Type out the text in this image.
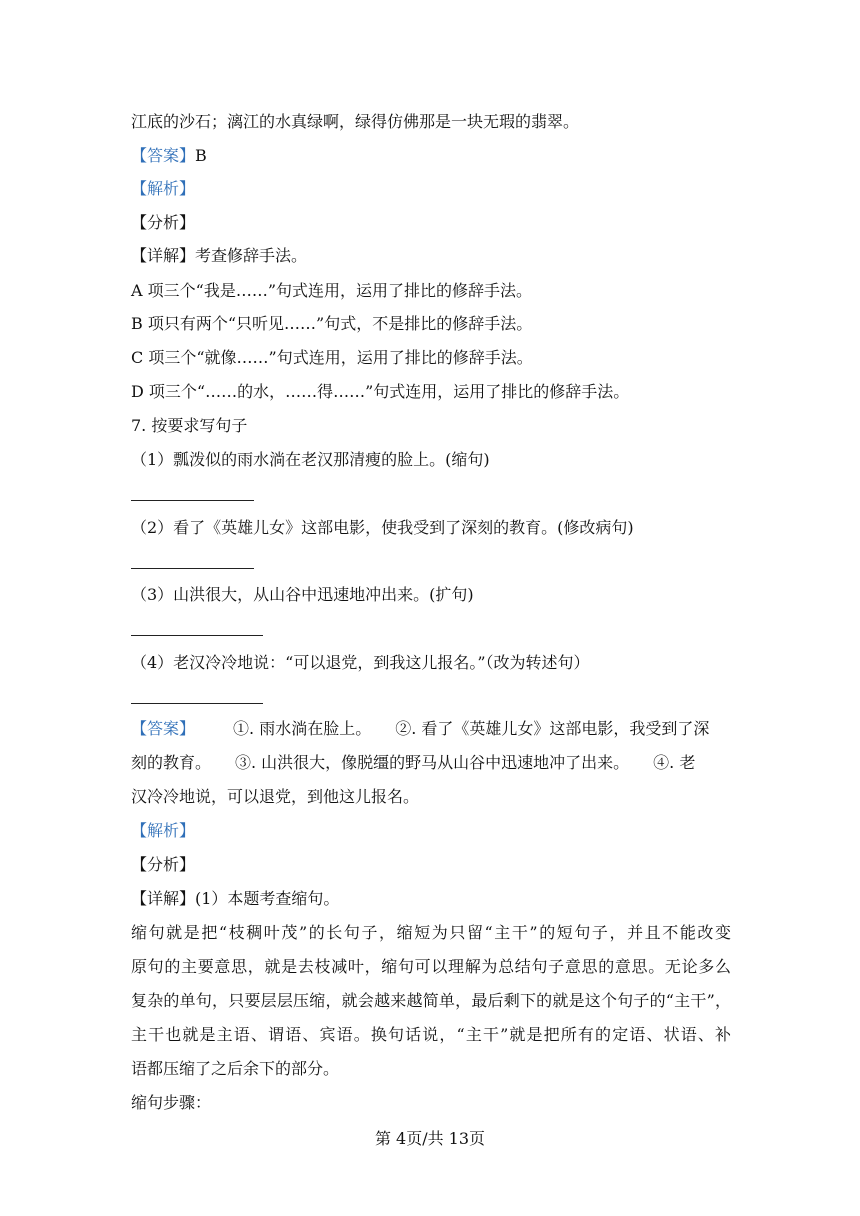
江底的沙石；漓江的水真绿啊，绿得仿佛那是一块无瑕的翡翠。
【答案】B
【解析】
【分析】
【详解】考查修辞手法。
A 项三个“我是……”句式连用，运用了排比的修辞手法。
B 项只有两个“只听见……”句式，不是排比的修辞手法。
C 项三个“就像……”句式连用，运用了排比的修辞手法。
D 项三个“……的水，……得……”句式连用，运用了排比的修辞手法。
7. 按要求写句子
（1）瓢泼似的雨水淌在老汉那清瘦的脸上。(缩句)
（2）看了《英雄儿女》这部电影，使我受到了深刻的教育。(修改病句)
（3）山洪很大，从山谷中迅速地冲出来。(扩句)
（4）老汉冷冷地说：“可以退党，到我这儿报名。”（改为转述句）
【答案】 ①. 雨水淌在脸上。　　②. 看了《英雄儿女》这部电影，我受到了深
刻的教育。　　③. 山洪很大，像脱缰的野马从山谷中迅速地冲了出来。　　④. 老
汉冷冷地说，可以退党，到他这儿报名。
【解析】
【分析】
【详解】(1）本题考查缩句。
缩句就是把“枝稠叶茂”的长句子，缩短为只留“主干”的短句子，并且不能改变
原句的主要意思，就是去枝减叶，缩句可以理解为总结句子意思的意思。无论多么
复杂的单句，只要层层压缩，就会越来越简单，最后剩下的就是这个句子的“主干”，
主干也就是主语、谓语、宾语。换句话说，“主干”就是把所有的定语、状语、补
语都压缩了之后余下的部分。
缩句步骤：
第 4页/共 13页
